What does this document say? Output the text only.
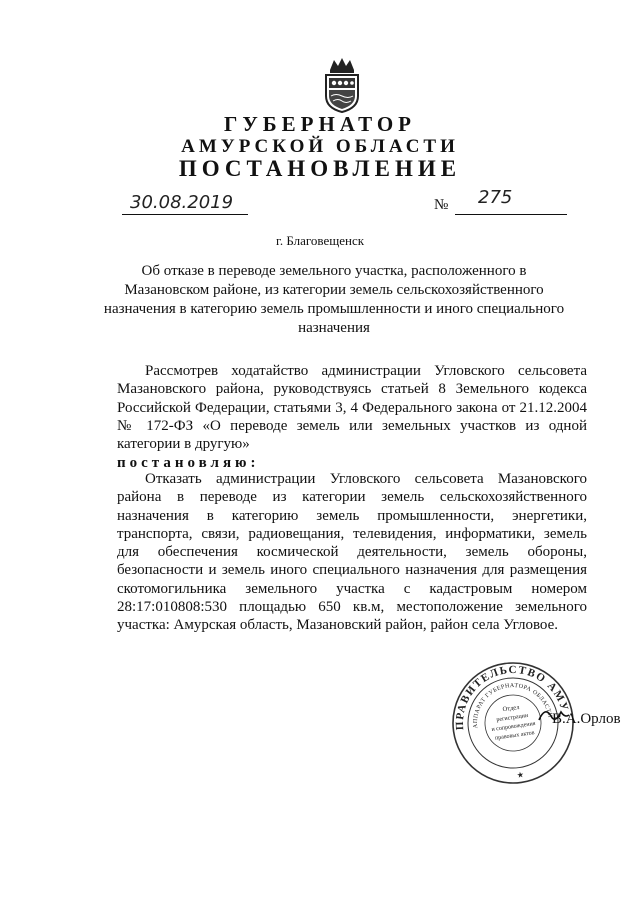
ГУБЕРНАТОР
АМУРСКОЙ ОБЛАСТИ
ПОСТАНОВЛЕНИЕ
30.08.2019	№ 275
г. Благовещенск
Об отказе в переводе земельного участка, расположенного в Мазановском районе, из категории земель сельскохозяйственного назначения в категорию земель промышленности и иного специального назначения

Рассмотрев ходатайство администрации Угловского сельсовета Мазановского района, руководствуясь статьей 8 Земельного кодекса Российской Федерации, статьями 3, 4 Федерального закона от 21.12.2004 № 172-ФЗ «О переводе земель или земельных участков из одной категории в другую»

постановляю:

Отказать администрации Угловского сельсовета Мазановского района в переводе из категории земель сельскохозяйственного назначения в категорию земель промышленности, энергетики, транспорта, связи, радиовещания, телевидения, информатики, земель для обеспечения космической деятельности, земель обороны, безопасности и земель иного специального назначения для размещения скотомогильника земельного участка с кадастровым номером 28:17:010808:530 площадью 650 кв.м, местоположение земельного участка: Амурская область, Мазановский район, район села Угловое.

ПРАВИТЕЛЬСТВО АМУРСКОЙ
АППАРАТ ГУБЕРНАТОРА ОБЛАСТИ
Отдел
регистрации
и сопровождения
правовых актов
★
В.А.Орлов
